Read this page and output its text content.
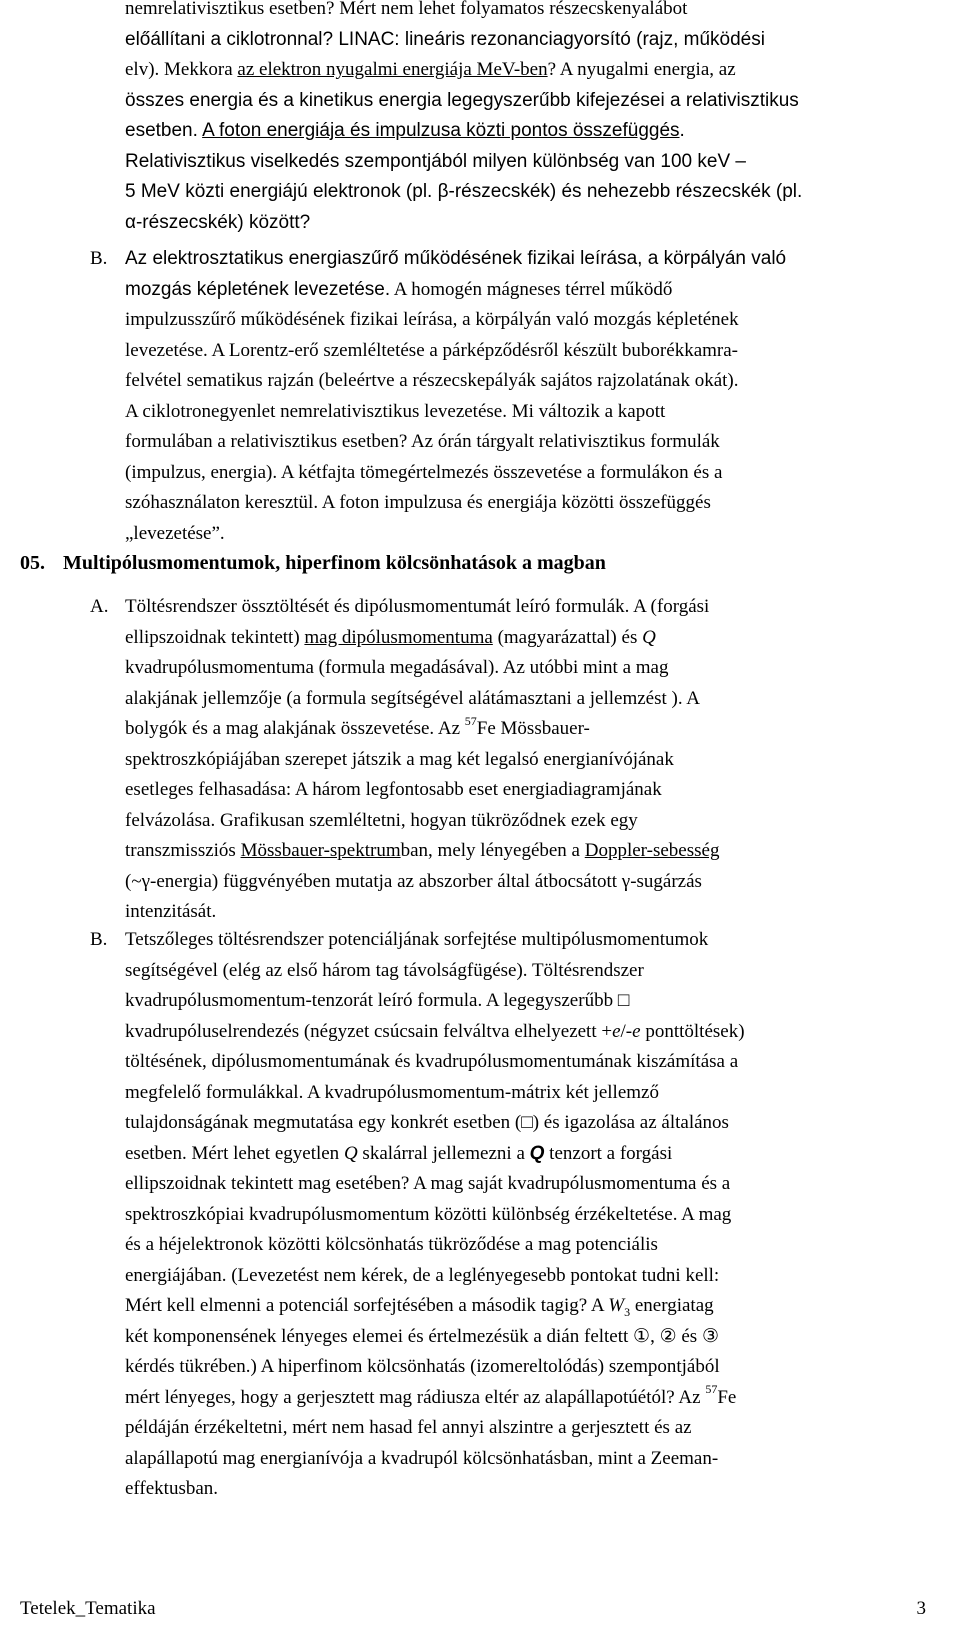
nemrelativisztikus esetben? Mért nem lehet folyamatos részecskenyalábot
előállítani a ciklotronnal? LINAC: lineáris rezonanciagyorsító (rajz, működési
elv). Mekkora az elektron nyugalmi energiája MeV-ben? A nyugalmi energia, az
összes energia és a kinetikus energia legegyszerűbb kifejezései a relativisztikus
esetben. A foton energiája és impulzusa közti pontos összefüggés.
Relativisztikus viselkedés szempontjából milyen különbség van 100 keV –
5 MeV közti energiájú elektronok (pl. β-részecskék) és nehezebb részecskék (pl.
α-részecskék) között?
B. Az elektrosztatikus energiaszűrő működésének fizikai leírása, a körpályán való
mozgás képletének levezetése. A homogén mágneses térrel működő
impulzusszűrő működésének fizikai leírása, a körpályán való mozgás képletének
levezetése. A Lorentz-erő szemléltetése a párképződésről készült buborékkamra-
felvétel sematikus rajzán (beleértve a részecskepályák sajátos rajzolatának okát).
A ciklotronegyenlet nemrelativisztikus levezetése. Mi változik a kapott
formulában a relativisztikus esetben? Az órán tárgyalt relativisztikus formulák
(impulzus, energia). A kétfajta tömegértelmezés összevetése a formulákon és a
szóhasználaton keresztül. A foton impulzusa és energiája közötti összefüggés
„levezetése”.
05. Multipólusmomentumok, hiperfinom kölcsönhatások a magban
A. Töltésrendszer össztöltését és dipólusmomentumát leíró formulák. A (forgási
ellipszoidnak tekintett) mag dipólusmomentuma (magyarázattal) és Q
kvadrupólusmomentuma (formula megadásával). Az utóbbi mint a mag
alakjának jellemzője (a formula segítségével alátámasztani a jellemzést ). A
bolygók és a mag alakjának összevetése. Az $^{57}$Fe Mössbauer-
spektroszkópiájában szerepet játszik a mag két legalsó energianívójának
esetleges felhasadása: A három legfontosabb eset energiadiagramjának
felvázolása. Grafikusan szemléltetni, hogyan tükröződnek ezek egy
transzmissziós Mössbauer-spektrumban, mely lényegében a Doppler-sebesség
(~γ-energia) függvényében mutatja az abszorber által átbocsátott γ-sugárzás
intenzitását.
B. Tetszőleges töltésrendszer potenciáljának sorfejtése multipólusmomentumok
segítségével (elég az első három tag távolságfügése). Töltésrendszer
kvadrupólusmomentum-tenzorát leíró formula. A legegyszerűbb □
kvadrupóluselrendezés (négyzet csúcsain felváltva elhelyezett +e/-e ponttöltések)
töltésének, dipólusmomentumának és kvadrupólusmomentumának kiszámítása a
megfelelő formulákkal. A kvadrupólusmomentum-mátrix két jellemző
tulajdonságának megmutatása egy konkrét esetben (□) és igazolása az általános
esetben. Mért lehet egyetlen Q skalárral jellemezni a Q tenzort a forgási
ellipszoidnak tekintett mag esetében? A mag saját kvadrupólusmomentuma és a
spektroszkópiai kvadrupólusmomentum közötti különbség érzékeltetése. A mag
és a héjelektronok közötti kölcsönhatás tükröződése a mag potenciális
energiájában. (Levezetést nem kérek, de a leglényegesebb pontokat tudni kell:
Mért kell elmenni a potenciál sorfejtésében a második tagig? A $W_3$ energiatag
két komponensének lényeges elemei és értelmezésük a dián feltett ①, ② és ③
kérdés tükrében.) A hiperfinom kölcsönhatás (izomereltolódás) szempontjából
mért lényeges, hogy a gerjesztett mag rádiusza eltér az alapállapotúétól? Az $^{57}$Fe
példáján érzékeltetni, mért nem hasad fel annyi alszintre a gerjesztett és az
alapállapotú mag energianívója a kvadrupól kölcsönhatásban, mint a Zeeman-
effektusban.
Tetelek_Tematika	3
